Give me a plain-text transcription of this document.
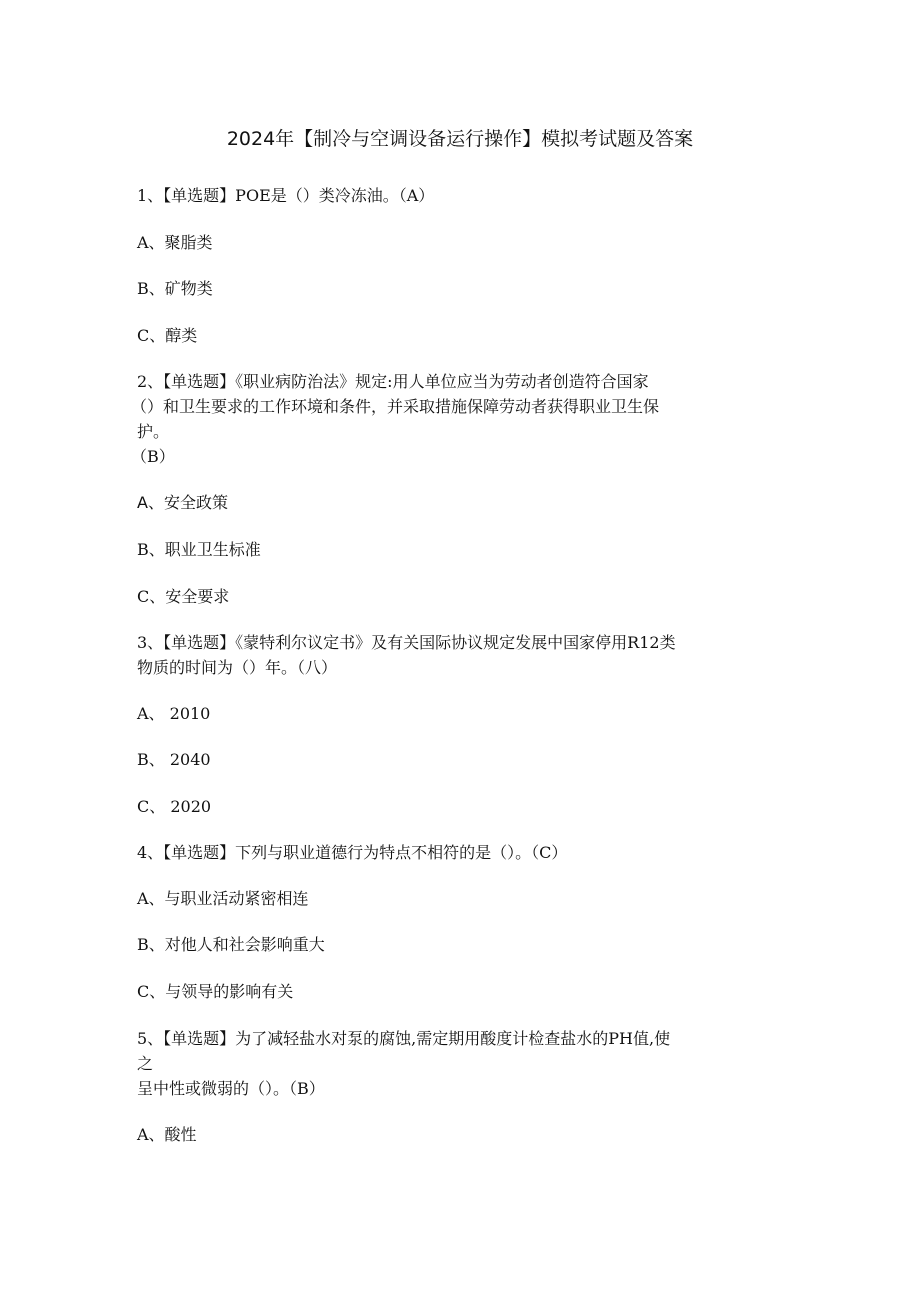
2024年【制冷与空调设备运行操作】模拟考试题及答案
1、【单选题】POE是（）类冷冻油。（A）
A、聚脂类
B、矿物类
C、醇类
2、【单选题】《职业病防治法》规定:用人单位应当为劳动者创造符合国家
（）和卫生要求的工作环境和条件，并采取措施保障劳动者获得职业卫生保
护。
（B）
A、安全政策
B、职业卫生标准
C、安全要求
3、【单选题】《蒙特利尔议定书》及有关国际协议规定发展中国家停用R12类
物质的时间为（）年。（八）
A、 2010
B、 2040
C、 2020
4、【单选题】下列与职业道德行为特点不相符的是（）。（C）
A、与职业活动紧密相连
B、对他人和社会影响重大
C、与领导的影响有关
5、【单选题】为了减轻盐水对泵的腐蚀,需定期用酸度计检查盐水的PH值,使
之
呈中性或微弱的（）。（B）
A、酸性
